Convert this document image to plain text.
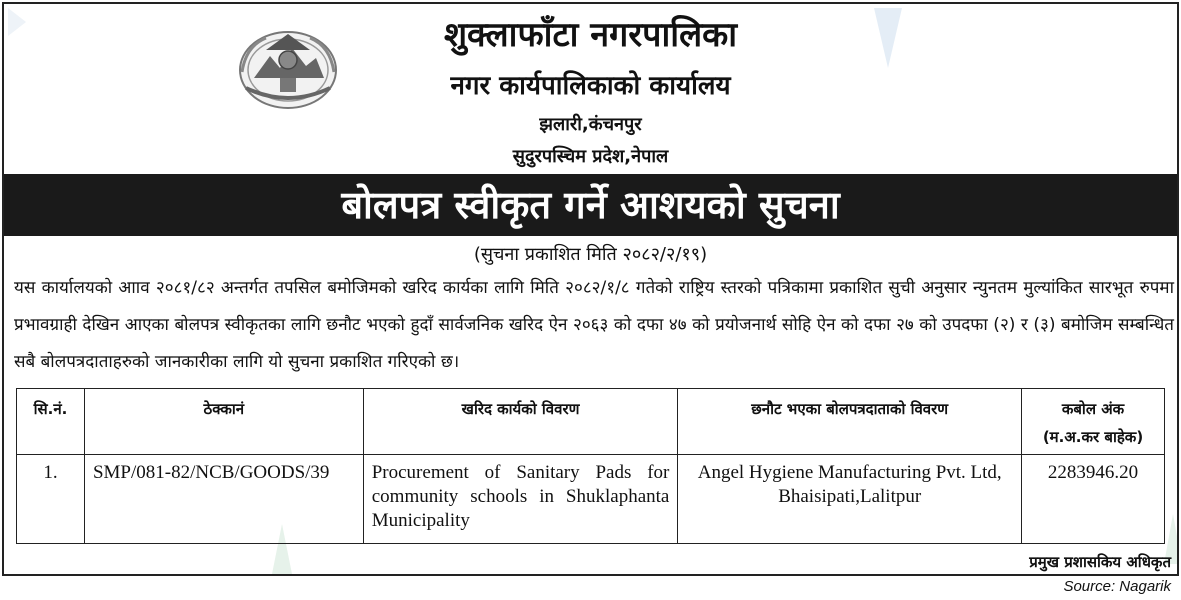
शुक्लाफाँटा नगरपालिका
नगर कार्यपालिकाको कार्यालय
झलारी,कंचनपुर
सुदुरपस्चिम प्रदेश,नेपाल
बोलपत्र स्वीकृत गर्ने आशयको सुचना
(सुचना प्रकाशित मिति २०८२/२/१९)
यस कार्यालयको आाव २०८१/८२ अन्तर्गत तपसिल बमोजिमको खरिद कार्यका लागि मिति २०८२/१/८ गतेको राष्ट्रिय स्तरको पत्रिकामा प्रकाशित सुची अनुसार न्युनतम मुल्यांकित सारभूत रुपमा प्रभावग्राही देखिन आएका बोलपत्र स्वीकृतका लागि छनौट भएको हुदाँ सार्वजनिक खरिद ऐन २०६३ को दफा ४७ को प्रयोजनार्थ सोहि ऐन को दफा २७ को उपदफा (२) र (३) बमोजिम सम्बन्धित सबै बोलपत्रदाताहरुको जानकारीका लागि यो सुचना प्रकाशित गरिएको छ।
सि.नं.	ठेक्कानं	खरिद कार्यको विवरण	छनौट भएका बोलपत्रदाताको विवरण	कबोल अंक
(म.अ.कर बाहेक)

1.	SMP/081-82/NCB/GOODS/39	Procurement of Sanitary Pads for community schools in Shuklaphanta Municipality	Angel Hygiene Manufacturing Pvt. Ltd,
Bhaisipati,Lalitpur	2283946.20
प्रमुख प्रशासकिय अधिकृत
Source: Nagarik
